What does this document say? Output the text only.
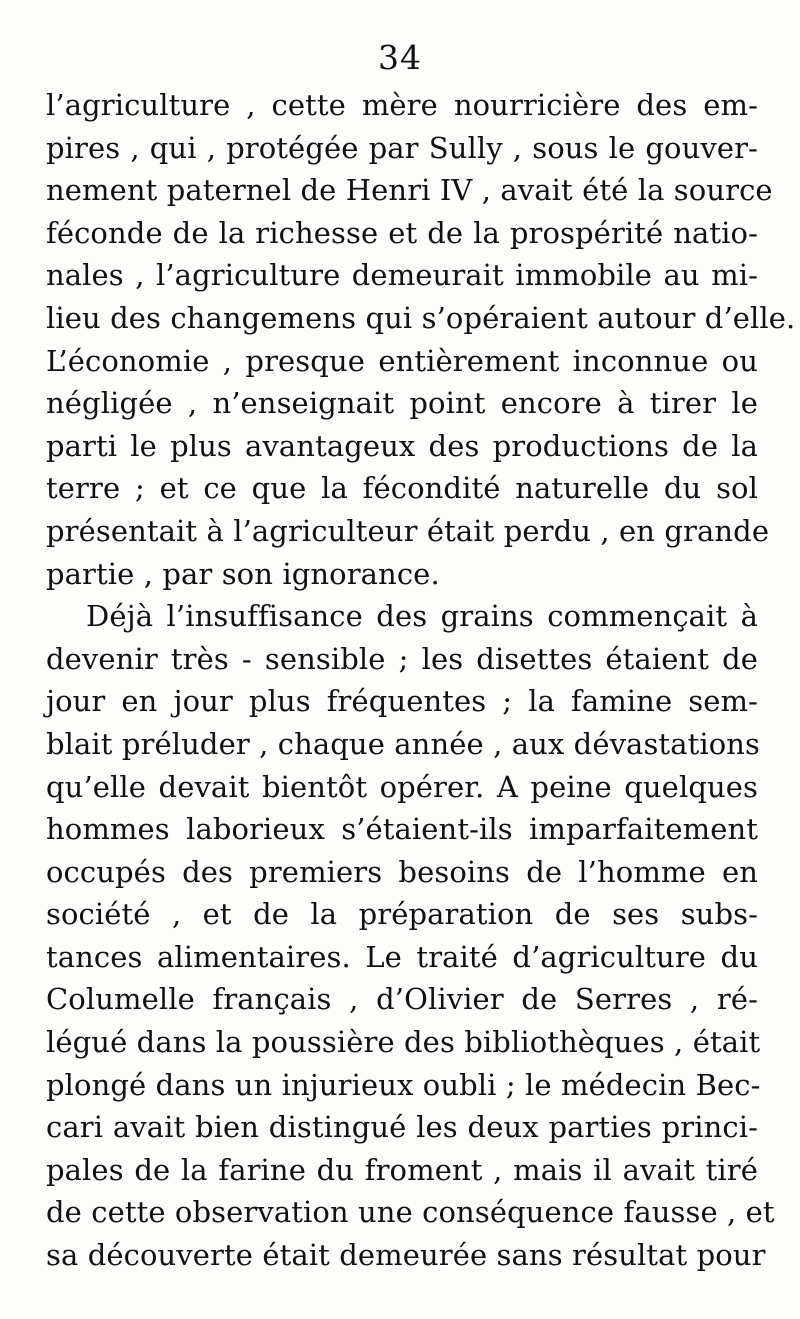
34
l’agriculture , cette mère nourricière des em-
pires , qui , protégée par Sully , sous le gouver-
nement paternel de Henri IV , avait été la source
féconde de la richesse et de la prospérité natio-
nales , l’agriculture demeurait immobile au mi-
lieu des changemens qui s’opéraient autour d’elle.
L’économie , presque entièrement inconnue ou
négligée , n’enseignait point encore à tirer le
parti le plus avantageux des productions de la
terre ; et ce que la fécondité naturelle du sol
présentait à l’agriculteur était perdu , en grande
partie , par son ignorance.
Déjà l’insuffisance des grains commençait à
devenir très - sensible ; les disettes étaient de
jour en jour plus fréquentes ; la famine sem-
blait préluder , chaque année , aux dévastations
qu’elle devait bientôt opérer. A peine quelques
hommes laborieux s’étaient-ils imparfaitement
occupés des premiers besoins de l’homme en
société , et de la préparation de ses subs-
tances alimentaires. Le traité d’agriculture du
Columelle français , d’Olivier de Serres , ré-
légué dans la poussière des bibliothèques , était
plongé dans un injurieux oubli ; le médecin Bec-
cari avait bien distingué les deux parties princi-
pales de la farine du froment , mais il avait tiré
de cette observation une conséquence fausse , et
sa découverte était demeurée sans résultat pour
